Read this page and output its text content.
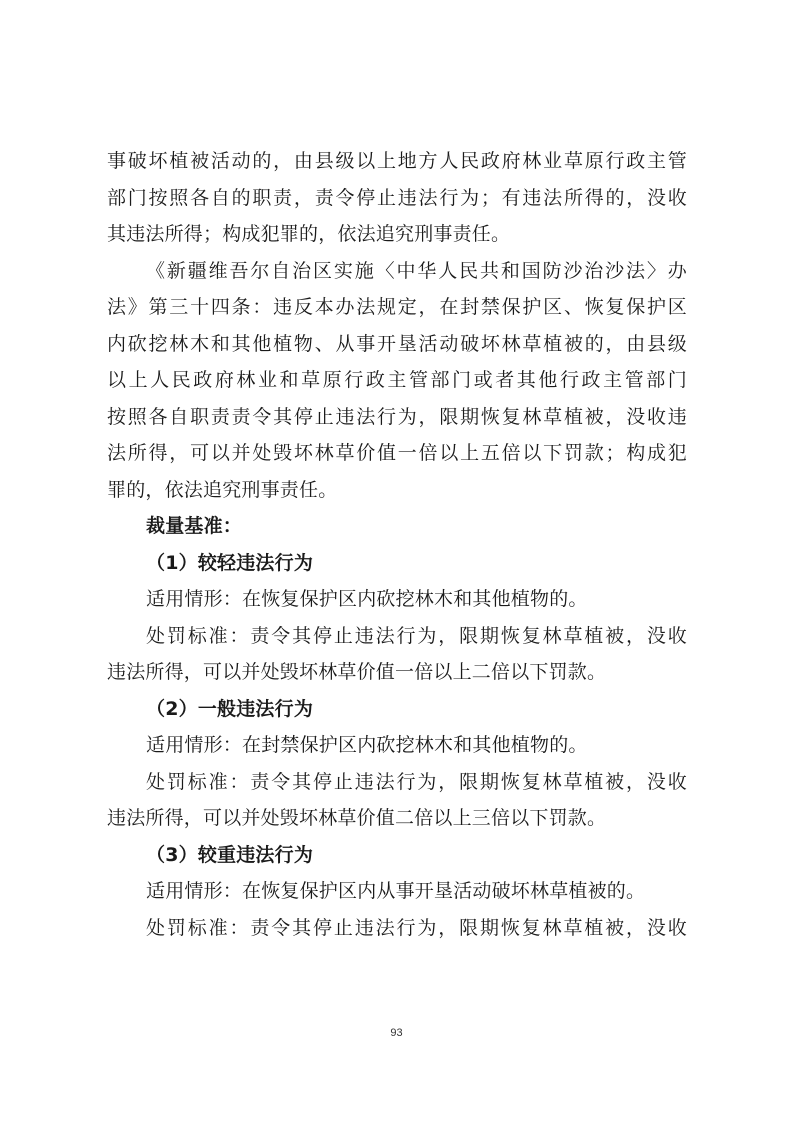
事破坏植被活动的，由县级以上地方人民政府林业草原行政主管
部门按照各自的职责，责令停止违法行为；有违法所得的，没收
其违法所得；构成犯罪的，依法追究刑事责任。
《新疆维吾尔自治区实施〈中华人民共和国防沙治沙法〉办
法》第三十四条：违反本办法规定，在封禁保护区、恢复保护区
内砍挖林木和其他植物、从事开垦活动破坏林草植被的，由县级
以上人民政府林业和草原行政主管部门或者其他行政主管部门
按照各自职责责令其停止违法行为，限期恢复林草植被，没收违
法所得，可以并处毁坏林草价值一倍以上五倍以下罚款；构成犯
罪的，依法追究刑事责任。
裁量基准：
（1）较轻违法行为
适用情形：在恢复保护区内砍挖林木和其他植物的。
处罚标准：责令其停止违法行为，限期恢复林草植被，没收
违法所得，可以并处毁坏林草价值一倍以上二倍以下罚款。
（2）一般违法行为
适用情形：在封禁保护区内砍挖林木和其他植物的。
处罚标准：责令其停止违法行为，限期恢复林草植被，没收
违法所得，可以并处毁坏林草价值二倍以上三倍以下罚款。
（3）较重违法行为
适用情形：在恢复保护区内从事开垦活动破坏林草植被的。
处罚标准：责令其停止违法行为，限期恢复林草植被，没收
93
